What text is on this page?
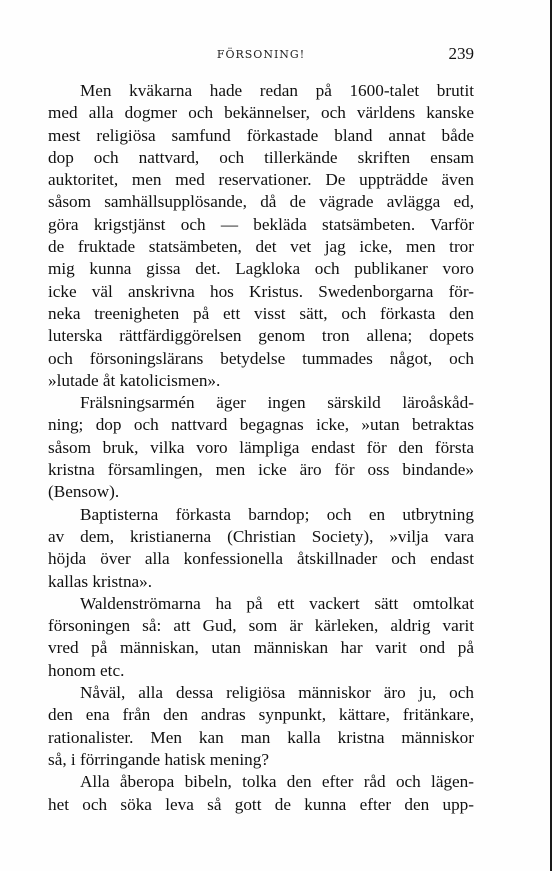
FÖRSONING!	239
Men kväkarna hade redan på 1600-talet brutit
med alla dogmer och bekännelser, och världens kanske
mest religiösa samfund förkastade bland annat både
dop och nattvard, och tillerkände skriften ensam
auktoritet, men med reservationer. De uppträdde även
såsom samhällsupplösande, då de vägrade avlägga ed,
göra krigstjänst och — bekläda statsämbeten. Varför
de fruktade statsämbeten, det vet jag icke, men tror
mig kunna gissa det. Lagkloka och publikaner voro
icke väl anskrivna hos Kristus. Swedenborgarna för-
neka treenigheten på ett visst sätt, och förkasta den
luterska rättfärdiggörelsen genom tron allena; dopets
och försoningslärans betydelse tummades något, och
»lutade åt katolicismen».
Frälsningsarmén äger ingen särskild läroåskåd-
ning; dop och nattvard begagnas icke, »utan betraktas
såsom bruk, vilka voro lämpliga endast för den första
kristna församlingen, men icke äro för oss bindande»
(Bensow).
Baptisterna förkasta barndop; och en utbrytning
av dem, kristianerna (Christian Society), »vilja vara
höjda över alla konfessionella åtskillnader och endast
kallas kristna».
Waldenströmarna ha på ett vackert sätt omtolkat
försoningen så: att Gud, som är kärleken, aldrig varit
vred på människan, utan människan har varit ond på
honom etc.
Nåväl, alla dessa religiösa människor äro ju, och
den ena från den andras synpunkt, kättare, fritänkare,
rationalister. Men kan man kalla kristna människor
så, i förringande hatisk mening?
Alla åberopa bibeln, tolka den efter råd och lägen-
het och söka leva så gott de kunna efter den upp-
